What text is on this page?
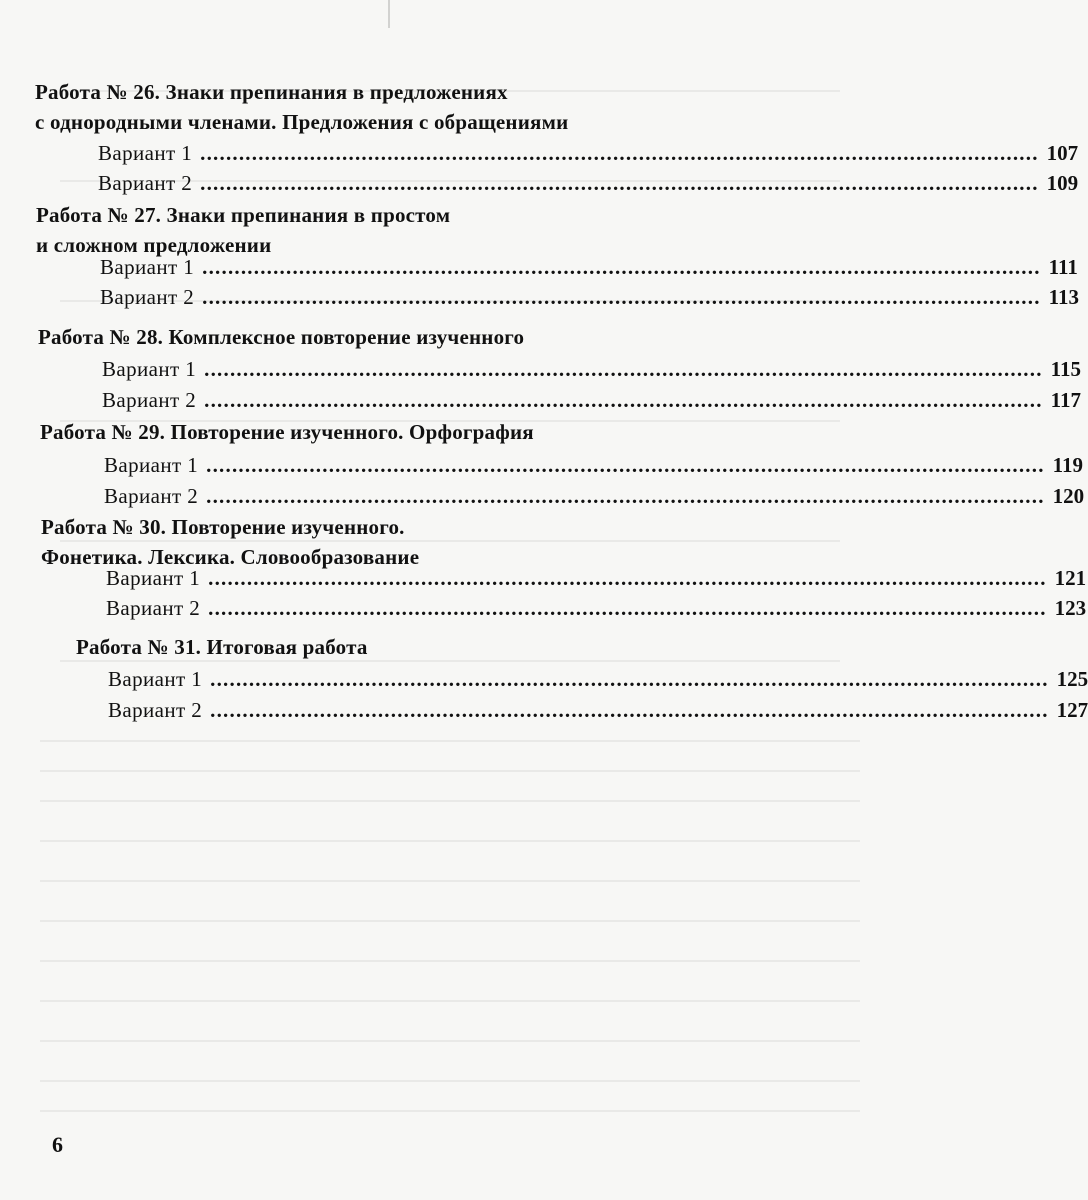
Работа № 26. Знаки препинания в предложениях
с однородными членами. Предложения с обращениями
Вариант 1 .................................................................................................................................. 107
Вариант 2 .................................................................................................................................. 109
Работа № 27. Знаки препинания в простом
и сложном предложении
Вариант 1 .................................................................................................................................. 111
Вариант 2 .................................................................................................................................. 113
Работа № 28. Комплексное повторение изученного
Вариант 1 .................................................................................................................................. 115
Вариант 2 .................................................................................................................................. 117
Работа № 29. Повторение изученного. Орфография
Вариант 1 .................................................................................................................................. 119
Вариант 2 .................................................................................................................................. 120
Работа № 30. Повторение изученного.
Фонетика. Лексика. Словообразование
Вариант 1 .................................................................................................................................. 121
Вариант 2 .................................................................................................................................. 123
Работа № 31. Итоговая работа
Вариант 1 .................................................................................................................................. 125
Вариант 2 .................................................................................................................................. 127
6
